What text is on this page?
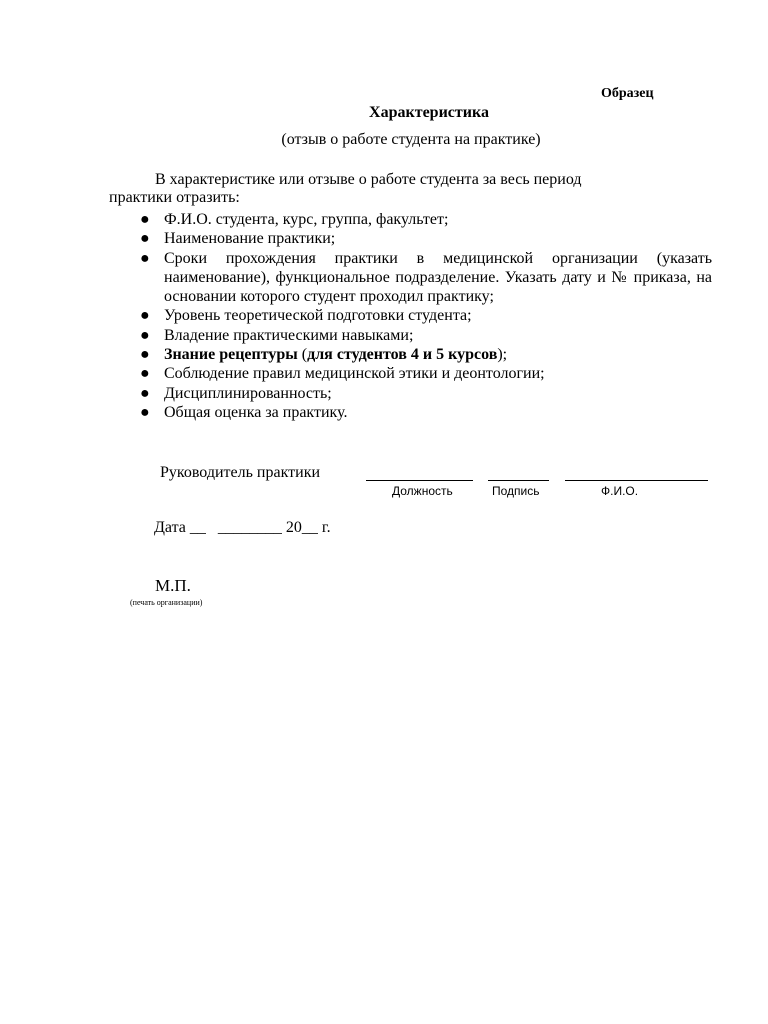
Образец
Характеристика
(отзыв о работе студента на практике)
В характеристике или отзыве о работе студента за весь период
практики отразить:
● Ф.И.О. студента, курс, группа, факультет;
● Наименование практики;
● Сроки прохождения практики в медицинской организации (указать наименование), функциональное подразделение. Указать дату и № приказа, на основании которого студент проходил практику;
● Уровень теоретической подготовки студента;
● Владение практическими навыками;
● Знание рецептуры (для студентов 4 и 5 курсов);
● Соблюдение правил медицинской этики и деонтологии;
● Дисциплинированность;
● Общая оценка за практику.
Руководитель практики
Должность	Подпись	Ф.И.О.
Дата __   ________ 20__ г.
М.П.
(печать организации)
